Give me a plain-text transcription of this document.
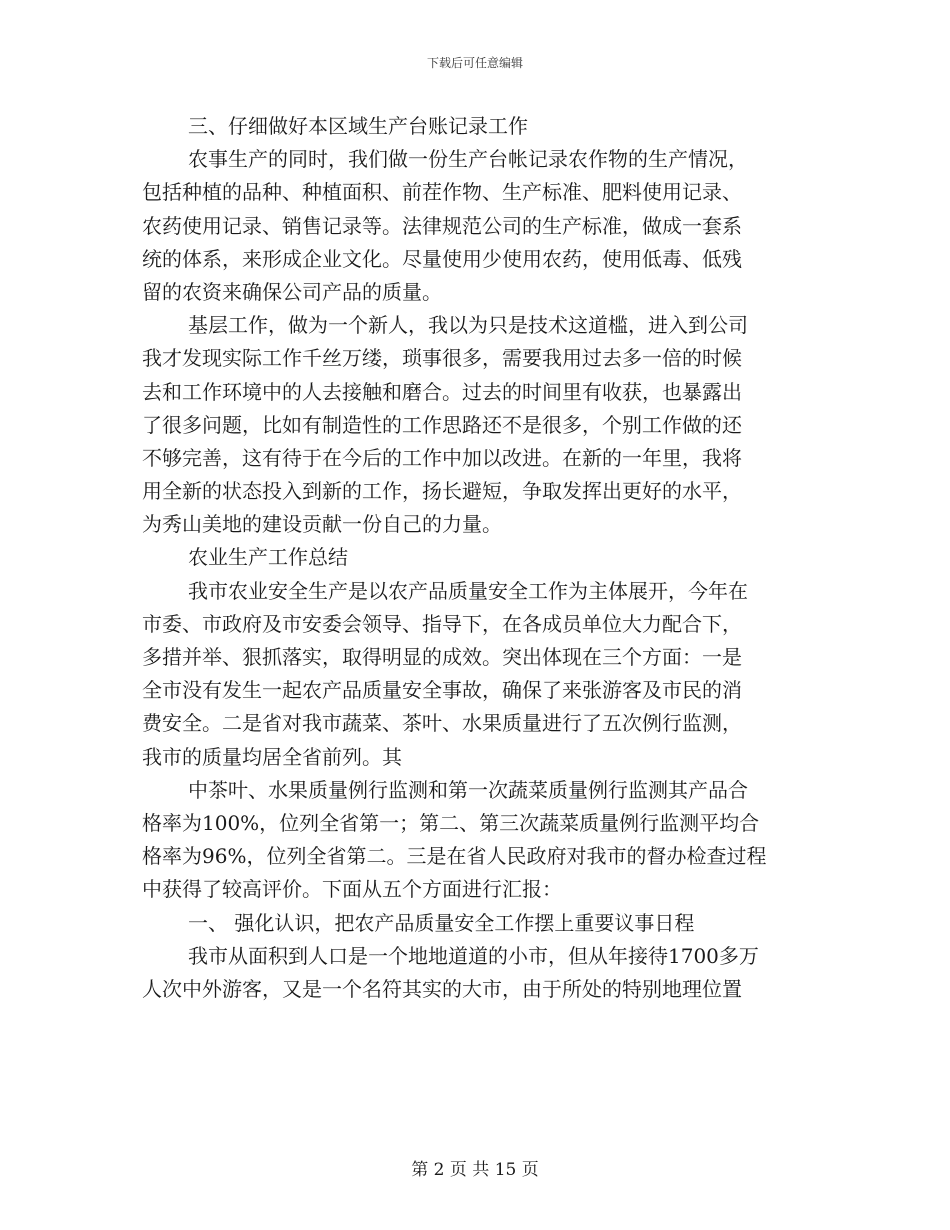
下载后可任意编辑
三、仔细做好本区域生产台账记录工作
农事生产的同时，我们做一份生产台帐记录农作物的生产情况，
包括种植的品种、种植面积、前茬作物、生产标准、肥料使用记录、
农药使用记录、销售记录等。法律规范公司的生产标准，做成一套系
统的体系，来形成企业文化。尽量使用少使用农药，使用低毒、低残
留的农资来确保公司产品的质量。
基层工作，做为一个新人，我以为只是技术这道槛，进入到公司
我才发现实际工作千丝万缕，琐事很多，需要我用过去多一倍的时候
去和工作环境中的人去接触和磨合。过去的时间里有收获，也暴露出
了很多问题，比如有制造性的工作思路还不是很多，个别工作做的还
不够完善，这有待于在今后的工作中加以改进。在新的一年里，我将
用全新的状态投入到新的工作，扬长避短，争取发挥出更好的水平，
为秀山美地的建设贡献一份自己的力量。
农业生产工作总结
我市农业安全生产是以农产品质量安全工作为主体展开，今年在
市委、市政府及市安委会领导、指导下，在各成员单位大力配合下，
多措并举、狠抓落实，取得明显的成效。突出体现在三个方面：一是
全市没有发生一起农产品质量安全事故，确保了来张游客及市民的消
费安全。二是省对我市蔬菜、茶叶、水果质量进行了五次例行监测，
我市的质量均居全省前列。其
中茶叶、水果质量例行监测和第一次蔬菜质量例行监测其产品合
格率为100%，位列全省第一；第二、第三次蔬菜质量例行监测平均合
格率为96%，位列全省第二。三是在省人民政府对我市的督办检查过程
中获得了较高评价。下面从五个方面进行汇报：
一、 强化认识，把农产品质量安全工作摆上重要议事日程
我市从面积到人口是一个地地道道的小市，但从年接待1700多万
人次中外游客，又是一个名符其实的大市，由于所处的特别地理位置
第 2 页 共 15 页
